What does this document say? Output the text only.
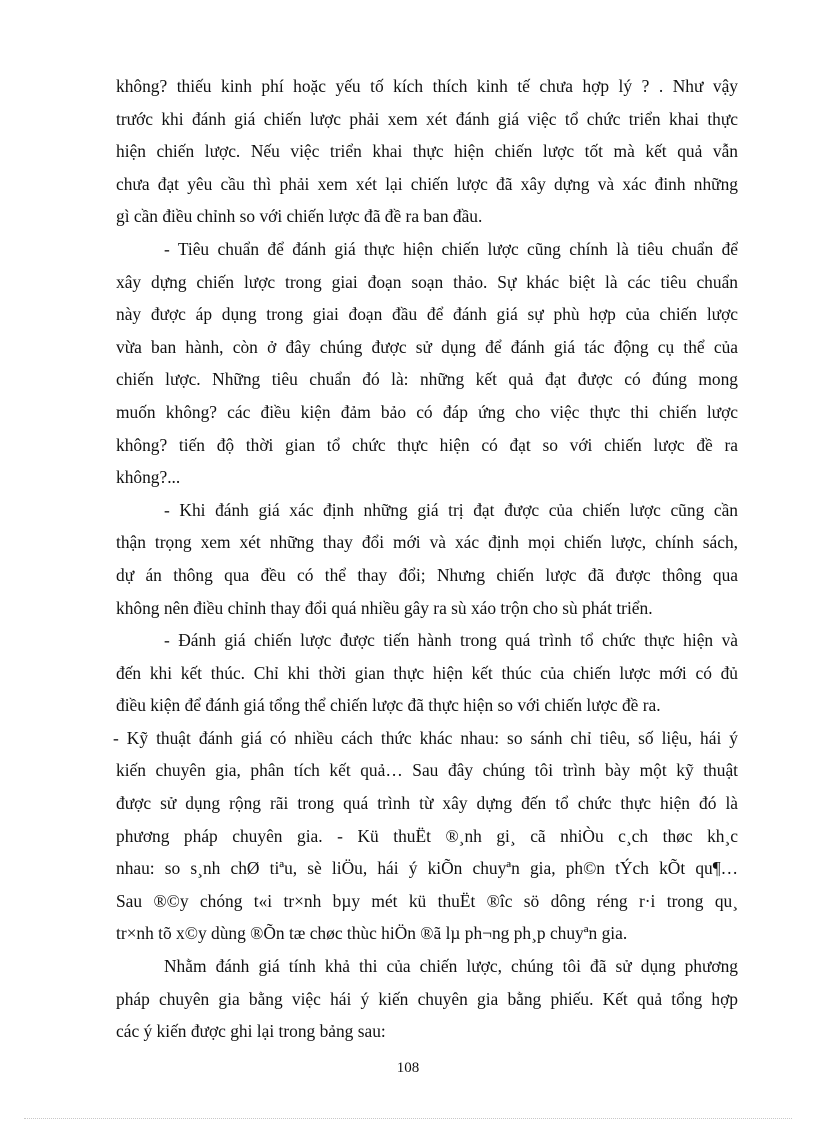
không? thiếu kinh phí hoặc yếu tố kích thích kinh tế chưa hợp lý ? . Như vậy
trước khi đánh giá chiến lược phải xem xét đánh giá việc tổ chức triển khai thực
hiện chiến lược. Nếu việc triển khai thực hiện chiến lược tốt mà kết quả vẫn
chưa đạt yêu cầu thì phải xem xét lại chiến lược đã xây dựng và xác đinh những
gì cần điều chỉnh so với chiến lược đã đề ra ban đầu.
- Tiêu chuẩn để đánh giá thực hiện chiến lược cũng chính là tiêu chuẩn để
xây dựng chiến lược trong giai đoạn soạn thảo. Sự khác biệt là các tiêu chuẩn
này được áp dụng trong giai đoạn đầu để đánh giá sự phù hợp của chiến lược
vừa ban hành, còn ở đây chúng được sử dụng để đánh giá tác động cụ thể của
chiến lược. Những tiêu chuẩn đó là: những kết quả đạt được có đúng mong
muốn không? các điều kiện đảm bảo có đáp ứng cho việc thực thi chiến lược
không? tiến độ thời gian tổ chức thực hiện có đạt so với chiến lược đề ra
không?...
- Khi đánh giá xác định những giá trị đạt được của chiến lược cũng cần
thận trọng xem xét những thay đổi mới và xác định mọi chiến lược, chính sách,
dự án thông qua đều có thể thay đổi; Nhưng chiến lược đã được thông qua
không nên điều chỉnh thay đổi quá nhiều gây ra sù xáo trộn cho sù phát triển.
- Đánh giá chiến lược được tiến hành trong quá trình tổ chức thực hiện và
đến khi kết thúc. Chỉ khi thời gian thực hiện kết thúc của chiến lược mới có đủ
điều kiện để đánh giá tổng thể chiến lược đã thực hiện so với chiến lược đề ra.
- Kỹ thuật đánh giá có nhiều cách thức khác nhau: so sánh chỉ tiêu, số liệu, hái ý
kiến chuyên gia, phân tích kết quả… Sau đây chúng tôi trình bày một kỹ thuật
được sử dụng rộng rãi trong quá trình từ xây dựng đến tổ chức thực hiện đó là
phương pháp chuyên gia. - Kü thuËt ®¸nh gi¸ cã nhiÒu c¸ch thøc kh¸c
nhau: so s¸nh chØ tiªu, sè liÖu, hái ý kiÕn chuyªn gia, ph©n tÝch kÕt qu¶…
Sau ®©y chóng t«i tr×nh bµy mét kü thuËt ®îc sö dông réng r·i trong qu¸
tr×nh tõ x©y dùng ®Õn tæ chøc thùc hiÖn ®ã lµ ph¬ng ph¸p chuyªn gia.
Nhằm đánh giá tính khả thi của chiến lược, chúng tôi đã sử dụng phương
pháp chuyên gia bằng việc hái ý kiến chuyên gia bằng phiếu. Kết quả tổng hợp
các ý kiến được ghi lại trong bảng sau:
108
